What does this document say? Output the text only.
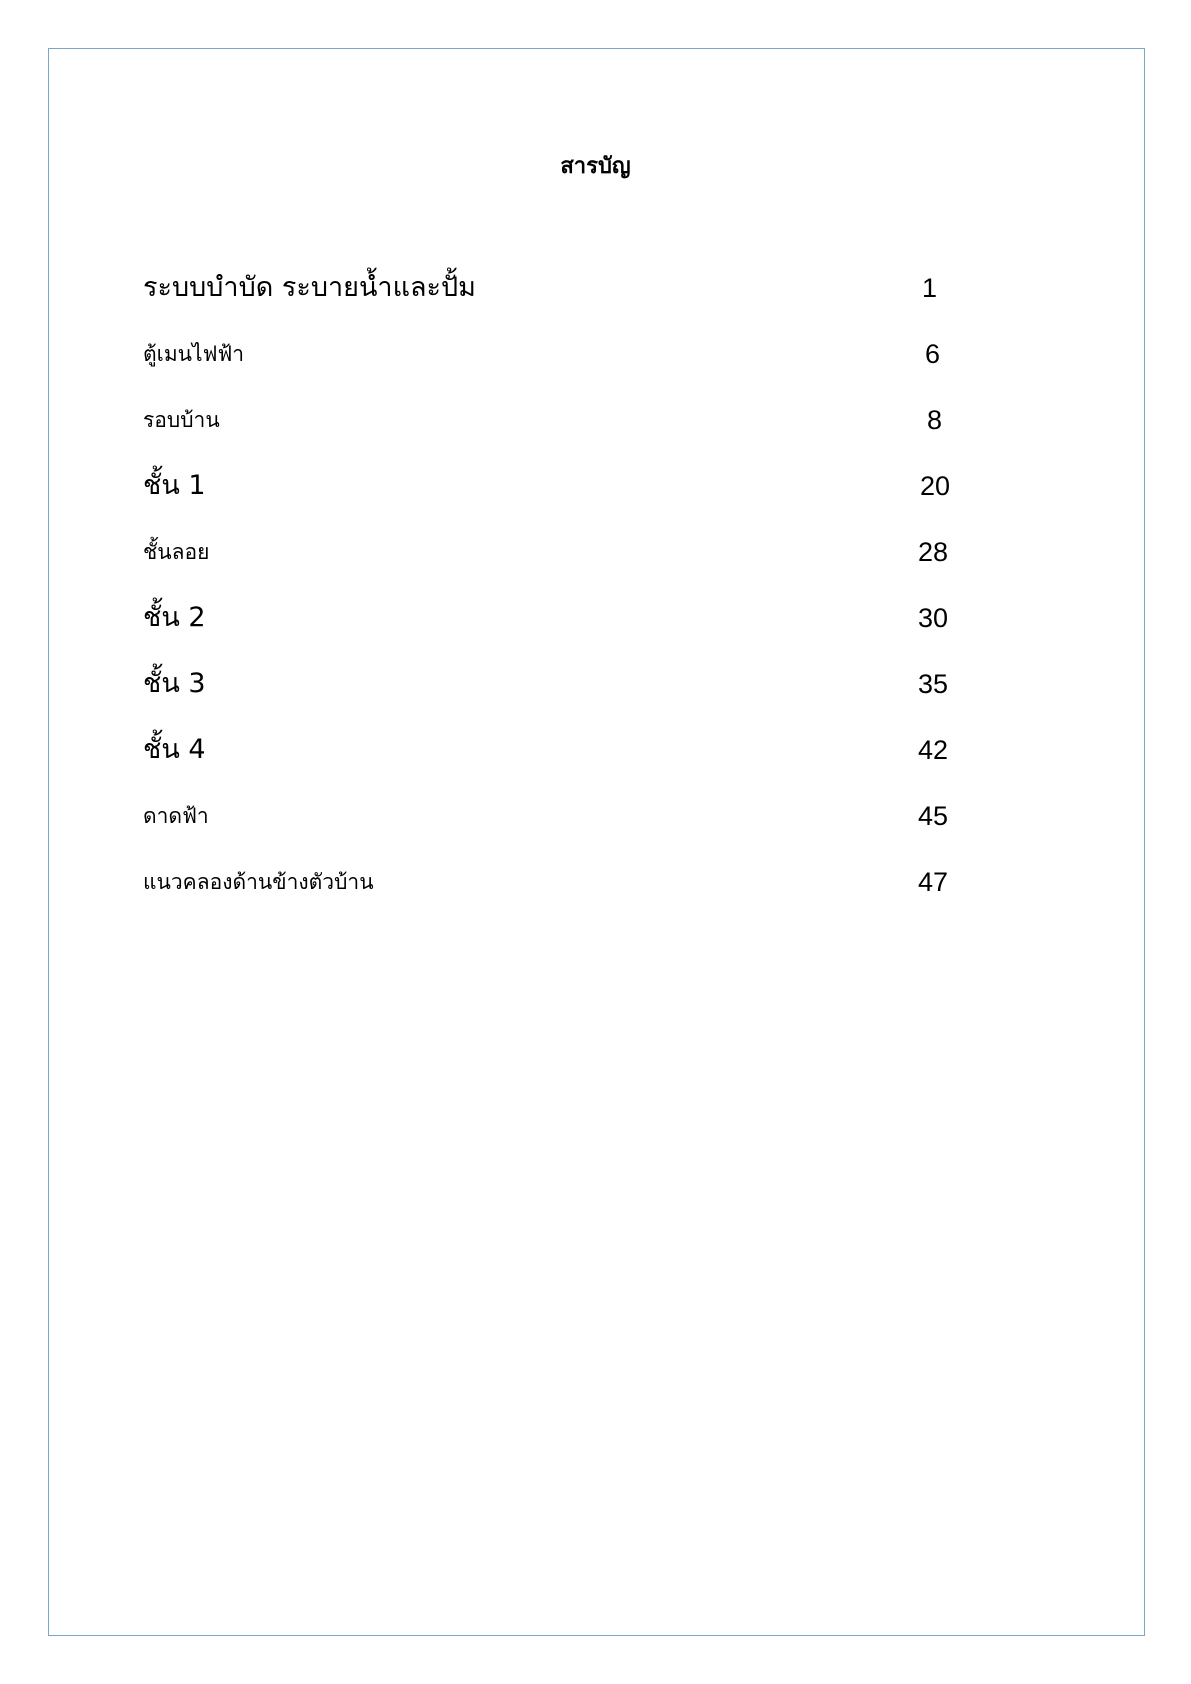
สารบัญ
ระบบบำบัด ระบายน้ำและปั้ม	1
ตู้เมนไฟฟ้า	6
รอบบ้าน	8
ชั้น 1	20
ชั้นลอย	28
ชั้น 2	30
ชั้น 3	35
ชั้น 4	42
ดาดฟ้า	45
แนวคลองด้านข้างตัวบ้าน	47
